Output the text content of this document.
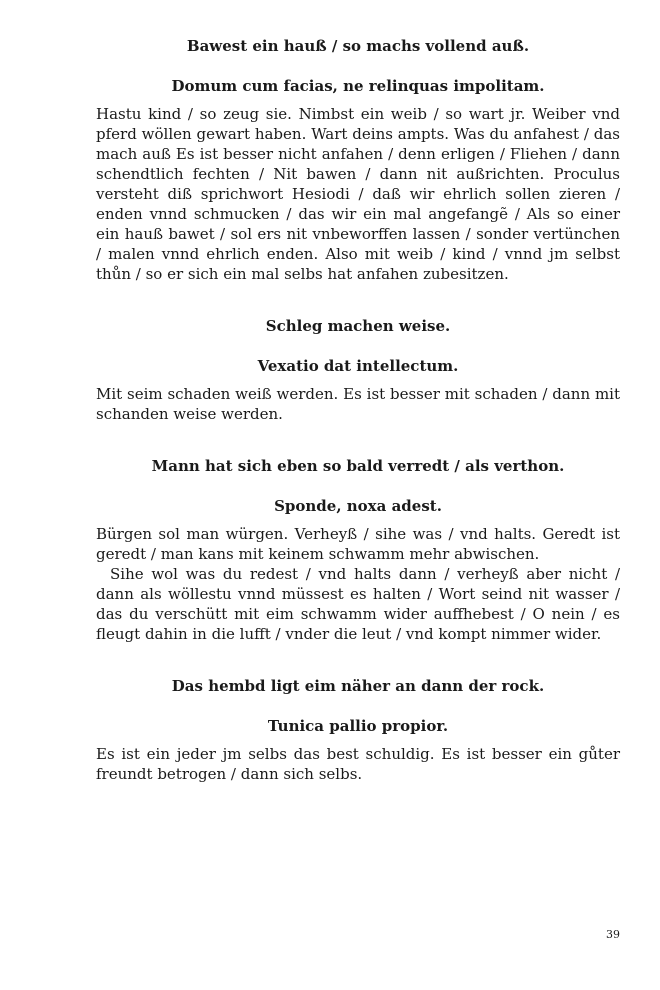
Bawest ein hauß / so machs vollend auß.
Domum cum facias, ne relinquas impolitam.

Hastu kind / so zeug sie. Nimbst ein weib / so wart jr. Weiber vnd pferd wöllen gewart haben. Wart deins ampts. Was du anfahest / das mach auß Es ist besser nicht anfahen / denn erligen / Fliehen / dann schendtlich fechten / Nit bawen / dann nit außrichten. Proculus versteht diß sprichwort Hesiodi / daß wir ehrlich sollen zieren / enden vnnd schmucken / das wir ein mal angefangẽ / Als so einer ein hauß bawet / sol ers nit vnbeworffen lassen / sonder vertünchen / malen vnnd ehrlich enden. Also mit weib / kind / vnnd jm selbst thůn / so er sich ein mal selbs hat anfahen zubesitzen.

Schleg machen weise.
Vexatio dat intellectum.

Mit seim schaden weiß werden. Es ist besser mit schaden / dann mit schanden weise werden.

Mann hat sich eben so bald verredt / als verthon.
Sponde, noxa adest.

Bürgen sol man würgen. Verheyß / sihe was / vnd halts. Geredt ist geredt / man kans mit keinem schwamm mehr abwischen.

Sihe wol was du redest / vnd halts dann / verheyß aber nicht / dann als wöllestu vnnd müssest es halten / Wort seind nit wasser / das du verschütt mit eim schwamm wider auffhebest / O nein / es fleugt dahin in die lufft / vnder die leut / vnd kompt nimmer wider.

Das hembd ligt eim näher an dann der rock.
Tunica pallio propior.

Es ist ein jeder jm selbs das best schuldig. Es ist besser ein gůter freundt betrogen / dann sich selbs.

39
